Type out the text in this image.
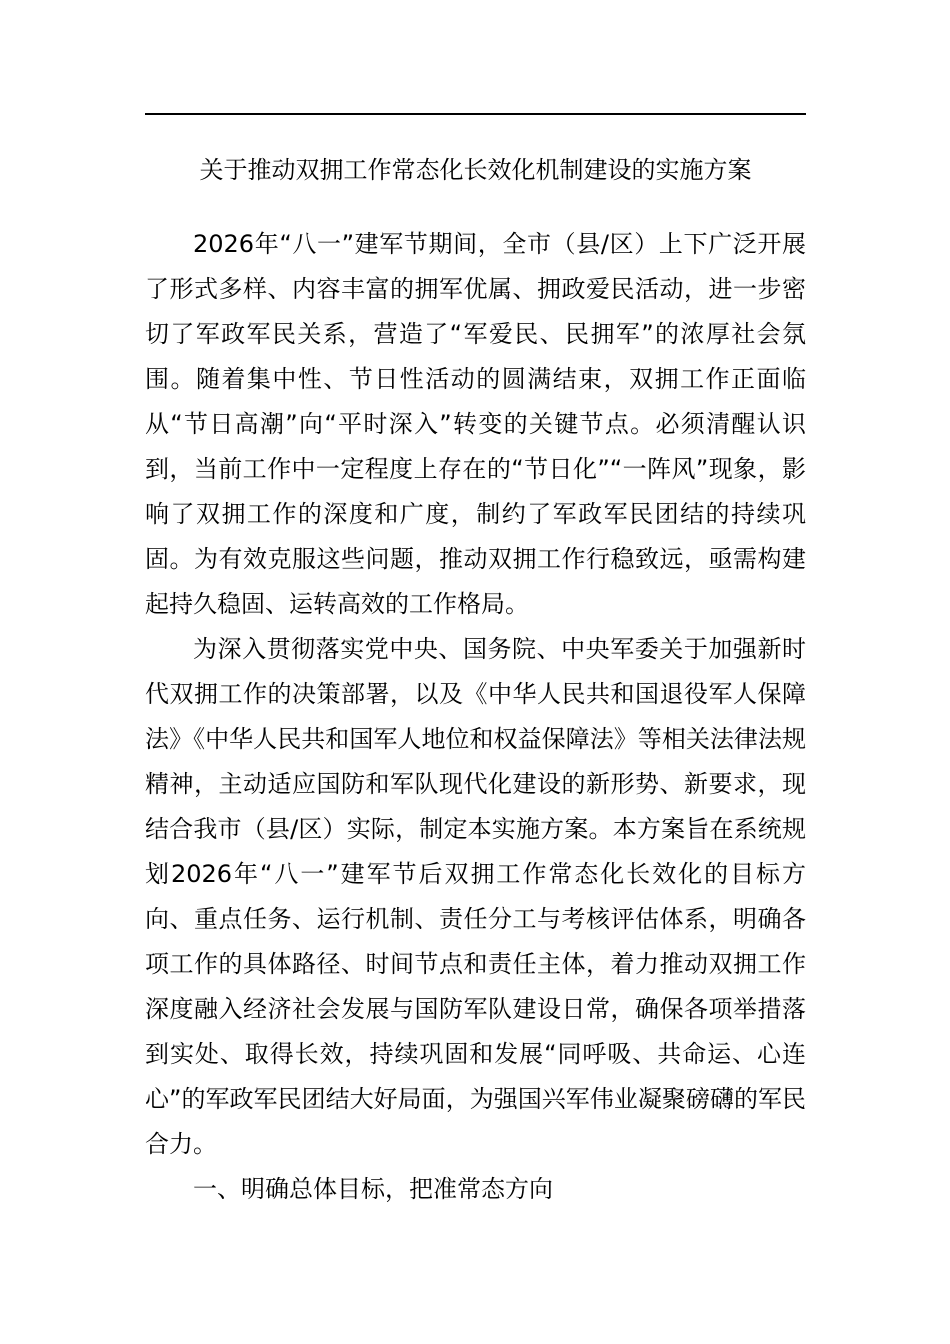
关于推动双拥工作常态化长效化机制建设的实施方案

2026年“八一”建军节期间，全市（县/区）上下广泛开展了形式多样、内容丰富的拥军优属、拥政爱民活动，进一步密切了军政军民关系，营造了“军爱民、民拥军”的浓厚社会氛围。随着集中性、节日性活动的圆满结束，双拥工作正面临从“节日高潮”向“平时深入”转变的关键节点。必须清醒认识到，当前工作中一定程度上存在的“节日化”“一阵风”现象，影响了双拥工作的深度和广度，制约了军政军民团结的持续巩固。为有效克服这些问题，推动双拥工作行稳致远，亟需构建起持久稳固、运转高效的工作格局。

为深入贯彻落实党中央、国务院、中央军委关于加强新时代双拥工作的决策部署，以及《中华人民共和国退役军人保障法》《中华人民共和国军人地位和权益保障法》等相关法律法规精神，主动适应国防和军队现代化建设的新形势、新要求，现结合我市（县/区）实际，制定本实施方案。本方案旨在系统规划2026年“八一”建军节后双拥工作常态化长效化的目标方向、重点任务、运行机制、责任分工与考核评估体系，明确各项工作的具体路径、时间节点和责任主体，着力推动双拥工作深度融入经济社会发展与国防军队建设日常，确保各项举措落到实处、取得长效，持续巩固和发展“同呼吸、共命运、心连心”的军政军民团结大好局面，为强国兴军伟业凝聚磅礴的军民合力。

一、明确总体目标，把准常态方向
